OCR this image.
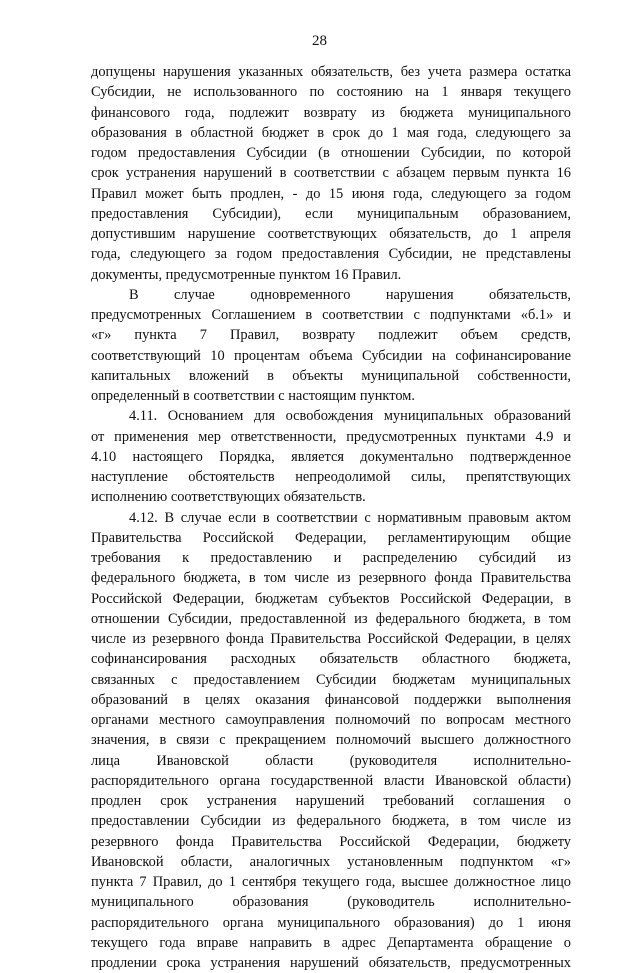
28
допущены нарушения указанных обязательств, без учета размера остатка
Субсидии, не использованного по состоянию на 1 января текущего
финансового года, подлежит возврату из бюджета муниципального
образования в областной бюджет в срок до 1 мая года, следующего за
годом предоставления Субсидии (в отношении Субсидии, по которой
срок устранения нарушений в соответствии с абзацем первым пункта 16
Правил может быть продлен, - до 15 июня года, следующего за годом
предоставления Субсидии), если муниципальным образованием,
допустившим нарушение соответствующих обязательств, до 1 апреля
года, следующего за годом предоставления Субсидии, не представлены
документы, предусмотренные пунктом 16 Правил.
В случае одновременного нарушения обязательств,
предусмотренных Соглашением в соответствии с подпунктами «б.1» и
«г» пункта 7 Правил, возврату подлежит объем средств,
соответствующий 10 процентам объема Субсидии на софинансирование
капитальных вложений в объекты муниципальной собственности,
определенный в соответствии с настоящим пунктом.
4.11. Основанием для освобождения муниципальных образований
от применения мер ответственности, предусмотренных пунктами 4.9 и
4.10 настоящего Порядка, является документально подтвержденное
наступление обстоятельств непреодолимой силы, препятствующих
исполнению соответствующих обязательств.
4.12. В случае если в соответствии с нормативным правовым актом
Правительства Российской Федерации, регламентирующим общие
требования к предоставлению и распределению субсидий из
федерального бюджета, в том числе из резервного фонда Правительства
Российской Федерации, бюджетам субъектов Российской Федерации, в
отношении Субсидии, предоставленной из федерального бюджета, в том
числе из резервного фонда Правительства Российской Федерации, в целях
софинансирования расходных обязательств областного бюджета,
связанных с предоставлением Субсидии бюджетам муниципальных
образований в целях оказания финансовой поддержки выполнения
органами местного самоуправления полномочий по вопросам местного
значения, в связи с прекращением полномочий высшего должностного
лица Ивановской области (руководителя исполнительно-
распорядительного органа государственной власти Ивановской области)
продлен срок устранения нарушений требований соглашения о
предоставлении Субсидии из федерального бюджета, в том числе из
резервного фонда Правительства Российской Федерации, бюджету
Ивановской области, аналогичных установленным подпунктом «г»
пункта 7 Правил, до 1 сентября текущего года, высшее должностное лицо
муниципального образования (руководитель исполнительно-
распорядительного органа муниципального образования) до 1 июня
текущего года вправе направить в адрес Департамента обращение о
продлении срока устранения нарушений обязательств, предусмотренных
